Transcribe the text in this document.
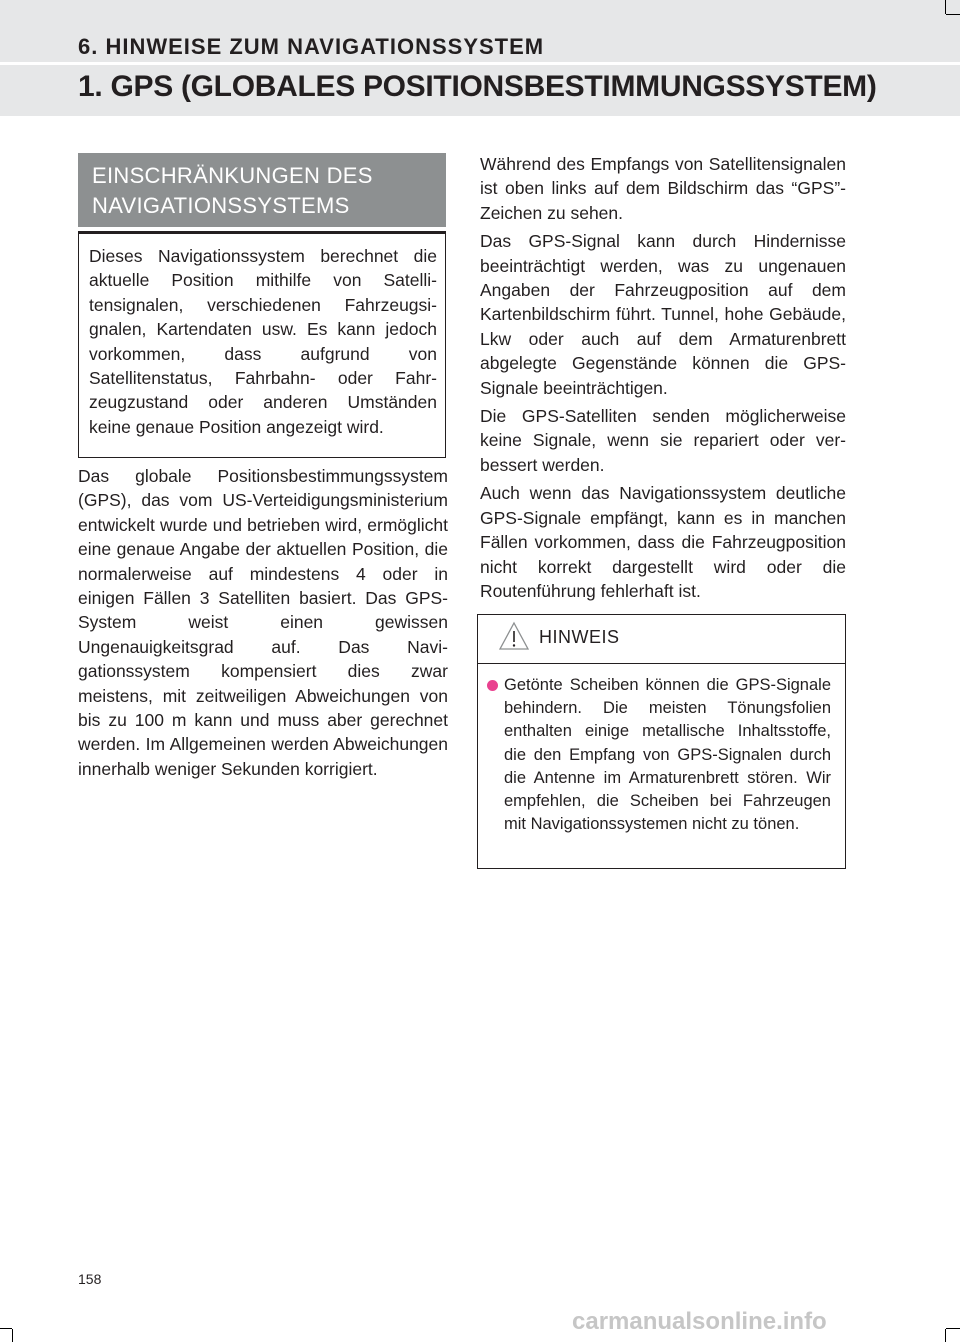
6. HINWEISE ZUM NAVIGATIONSSYSTEM
1. GPS (GLOBALES POSITIONSBESTIMMUNGSSYSTEM)
EINSCHRÄNKUNGEN DES
NAVIGATIONSSYSTEMS
Dieses Navigationssystem berechnet die aktuelle Position mithilfe von Satellitensignalen, verschiedenen Fahrzeugsignalen, Kartendaten usw. Es kann jedoch vorkommen, dass aufgrund von Satellitenstatus, Fahrbahn- oder Fahrzeugzustand oder anderen Umständen keine genaue Position angezeigt wird.
Das globale Positionsbestimmungssystem (GPS), das vom US-Verteidigungsministerium entwickelt wurde und betrieben wird, ermöglicht eine genaue Angabe der aktuellen Position, die normalerweise auf mindestens 4 oder in einigen Fällen 3 Satelliten basiert. Das GPS-System weist einen gewissen Ungenauigkeitsgrad auf. Das Navigationssystem kompensiert dies zwar meistens, mit zeitweiligen Abweichungen von bis zu 100 m kann und muss aber gerechnet werden. Im Allgemeinen werden Abweichungen innerhalb weniger Sekunden korrigiert.

Während des Empfangs von Satellitensignalen ist oben links auf dem Bildschirm das “GPS”-Zeichen zu sehen.

Das GPS-Signal kann durch Hindernisse beeinträchtigt werden, was zu ungenauen Angaben der Fahrzeugposition auf dem Kartenbildschirm führt. Tunnel, hohe Gebäude, Lkw oder auch auf dem Armaturenbrett abgelegte Gegenstände können die GPS-Signale beeinträchtigen.

Die GPS-Satelliten senden möglicherweise keine Signale, wenn sie repariert oder verbessert werden.

Auch wenn das Navigationssystem deutliche GPS-Signale empfängt, kann es in manchen Fällen vorkommen, dass die Fahrzeugposition nicht korrekt dargestellt wird oder die Routenführung fehlerhaft ist.

HINWEIS
Getönte Scheiben können die GPS-Signale behindern. Die meisten Tönungsfolien enthalten einige metallische Inhaltsstoffe, die den Empfang von GPS-Signalen durch die Antenne im Armaturenbrett stören. Wir empfehlen, die Scheiben bei Fahrzeugen mit Navigationssystemen nicht zu tönen.
158
carmanualsonline.info
